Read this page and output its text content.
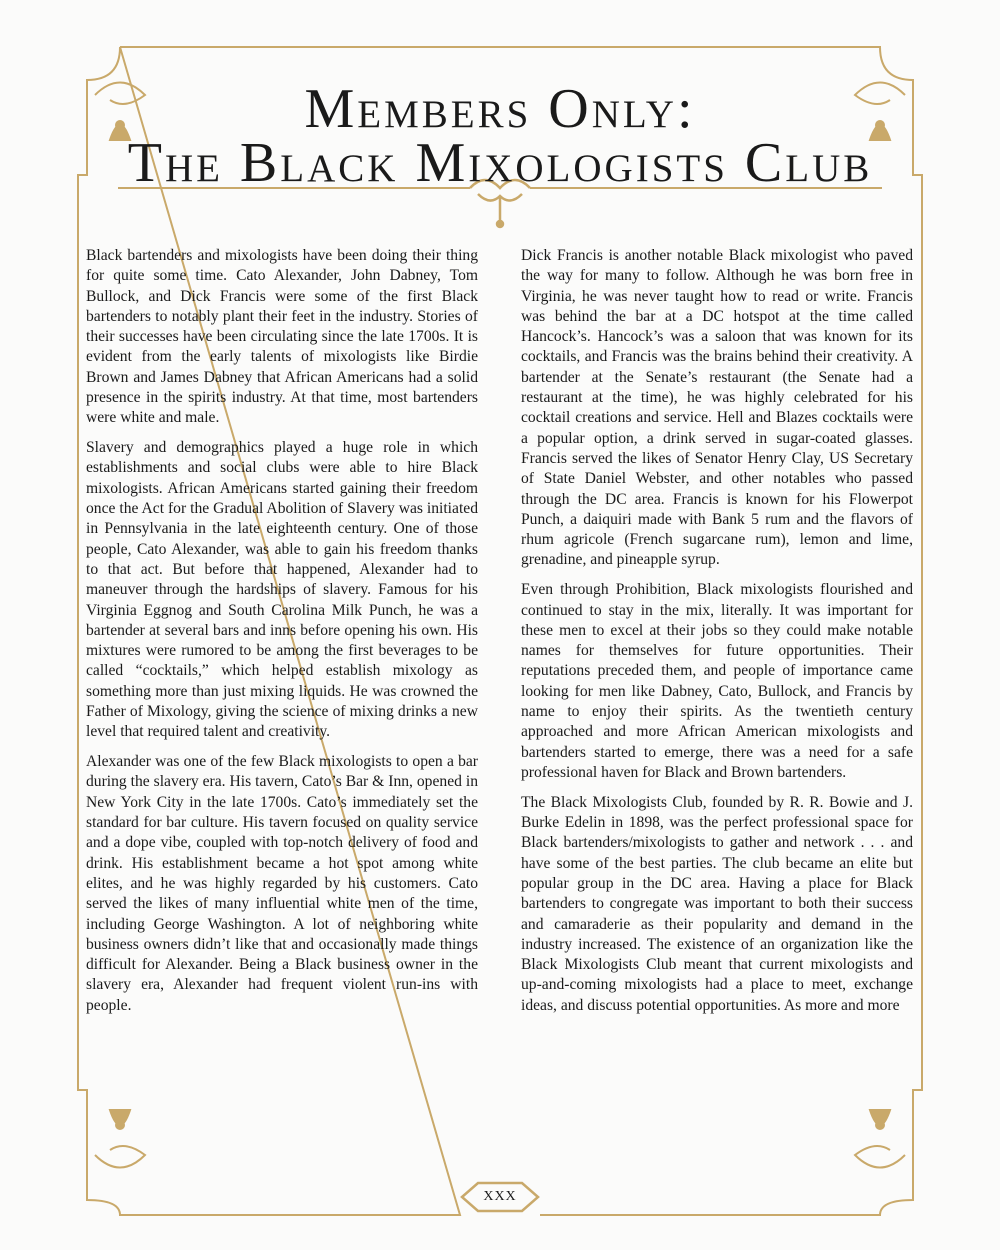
Members Only:
The Black Mixologists Club

Black bartenders and mixologists have been doing their thing for quite some time. Cato Alexander, John Dabney, Tom Bullock, and Dick Francis were some of the first Black bartenders to notably plant their feet in the industry. Stories of their successes have been circulating since the late 1700s. It is evident from the early talents of mixologists like Birdie Brown and James Dabney that African Americans had a solid presence in the spirits industry. At that time, most bartenders were white and male.

Slavery and demographics played a huge role in which establishments and social clubs were able to hire Black mixologists. African Americans started gaining their freedom once the Act for the Gradual Abolition of Slavery was initiated in Pennsylvania in the late eighteenth century. One of those people, Cato Alexander, was able to gain his freedom thanks to that act. But before that happened, Alexander had to maneuver through the hardships of slavery. Famous for his Virginia Eggnog and South Carolina Milk Punch, he was a bartender at several bars and inns before opening his own. His mixtures were rumored to be among the first beverages to be called “cocktails,” which helped establish mixology as something more than just mixing liquids. He was crowned the Father of Mixology, giving the science of mixing drinks a new level that required talent and creativity.

Alexander was one of the few Black mixologists to open a bar during the slavery era. His tavern, Cato’s Bar & Inn, opened in New York City in the late 1700s. Cato’s immediately set the standard for bar culture. His tavern focused on quality service and a dope vibe, coupled with top-notch delivery of food and drink. His establishment became a hot spot among white elites, and he was highly regarded by his customers. Cato served the likes of many influential white men of the time, including George Washington. A lot of neighboring white business owners didn’t like that and occasionally made things difficult for Alexander. Being a Black business owner in the slavery era, Alexander had frequent violent run-ins with people.

Dick Francis is another notable Black mixologist who paved the way for many to follow. Although he was born free in Virginia, he was never taught how to read or write. Francis was behind the bar at a DC hotspot at the time called Hancock’s. Hancock’s was a saloon that was known for its cocktails, and Francis was the brains behind their creativity. A bartender at the Senate’s restaurant (the Senate had a restaurant at the time), he was highly celebrated for his cocktail creations and service. Hell and Blazes cocktails were a popular option, a drink served in sugar-coated glasses. Francis served the likes of Senator Henry Clay, US Secretary of State Daniel Webster, and other notables who passed through the DC area. Francis is known for his Flowerpot Punch, a daiquiri made with Bank 5 rum and the flavors of rhum agricole (French sugarcane rum), lemon and lime, grenadine, and pineapple syrup.

Even through Prohibition, Black mixologists flourished and continued to stay in the mix, literally. It was important for these men to excel at their jobs so they could make notable names for themselves for future opportunities. Their reputations preceded them, and people of importance came looking for men like Dabney, Cato, Bullock, and Francis by name to enjoy their spirits. As the twentieth century approached and more African American mixologists and bartenders started to emerge, there was a need for a safe professional haven for Black and Brown bartenders.

The Black Mixologists Club, founded by R. R. Bowie and J. Burke Edelin in 1898, was the perfect professional space for Black bartenders/mixologists to gather and network . . . and have some of the best parties. The club became an elite but popular group in the DC area. Having a place for Black bartenders to congregate was important to both their success and camaraderie as their popularity and demand in the industry increased. The existence of an organization like the Black Mixologists Club meant that current mixologists and up-and-coming mixologists had a place to meet, exchange ideas, and discuss potential opportunities. As more and more

XXX
